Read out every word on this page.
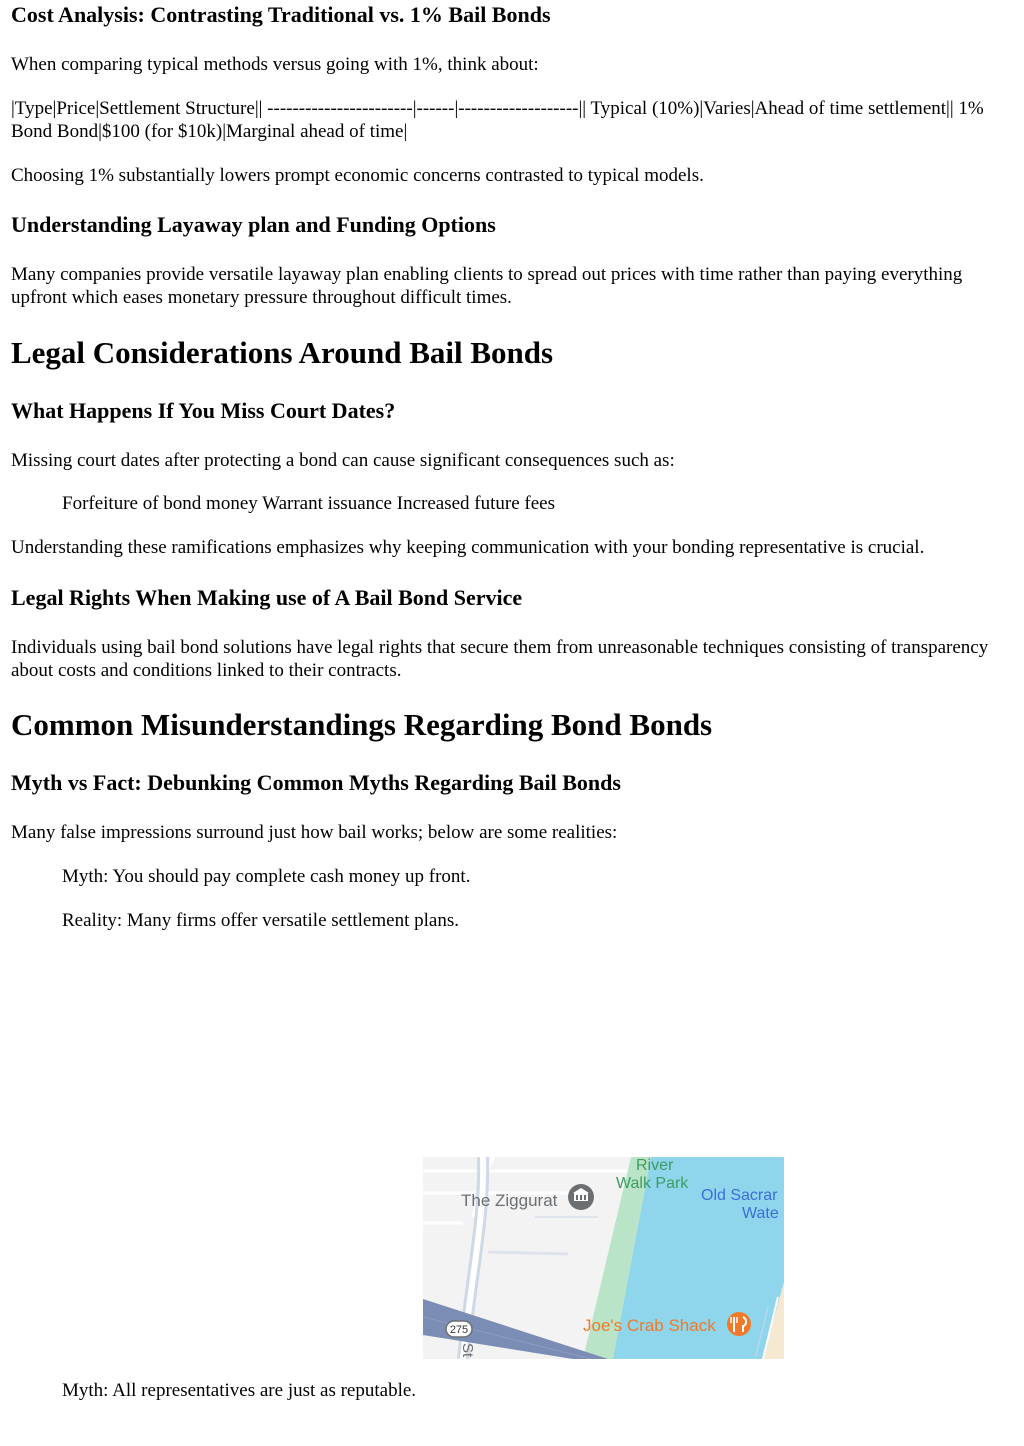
Cost Analysis: Contrasting Traditional vs. 1% Bail Bonds

When comparing typical methods versus going with 1%, think about:

|Type|Price|Settlement Structure|| -----------------------|------|-------------------|| Typical (10%)|Varies|Ahead of time settlement|| 1% Bond Bond|$100 (for $10k)|Marginal ahead of time|

Choosing 1% substantially lowers prompt economic concerns contrasted to typical models.

Understanding Layaway plan and Funding Options

Many companies provide versatile layaway plan enabling clients to spread out prices with time rather than paying everything upfront which eases monetary pressure throughout difficult times.

Legal Considerations Around Bail Bonds
What Happens If You Miss Court Dates?

Missing court dates after protecting a bond can cause significant consequences such as:

Forfeiture of bond money Warrant issuance Increased future fees

Understanding these ramifications emphasizes why keeping communication with your bonding representative is crucial.

Legal Rights When Making use of A Bail Bond Service

Individuals using bail bond solutions have legal rights that secure them from unreasonable techniques consisting of transparency about costs and conditions linked to their contracts.

Common Misunderstandings Regarding Bond Bonds
Myth vs Fact: Debunking Common Myths Regarding Bail Bonds

Many false impressions surround just how bail works; below are some realities:

Myth: You should pay complete cash money up front.

Reality: Many firms offer versatile settlement plans.

Myth: All representatives are just as reputable.

The Ziggurat
River
Walk Park
Old Sacrar
Wate
Joe's Crab Shack
275
St
